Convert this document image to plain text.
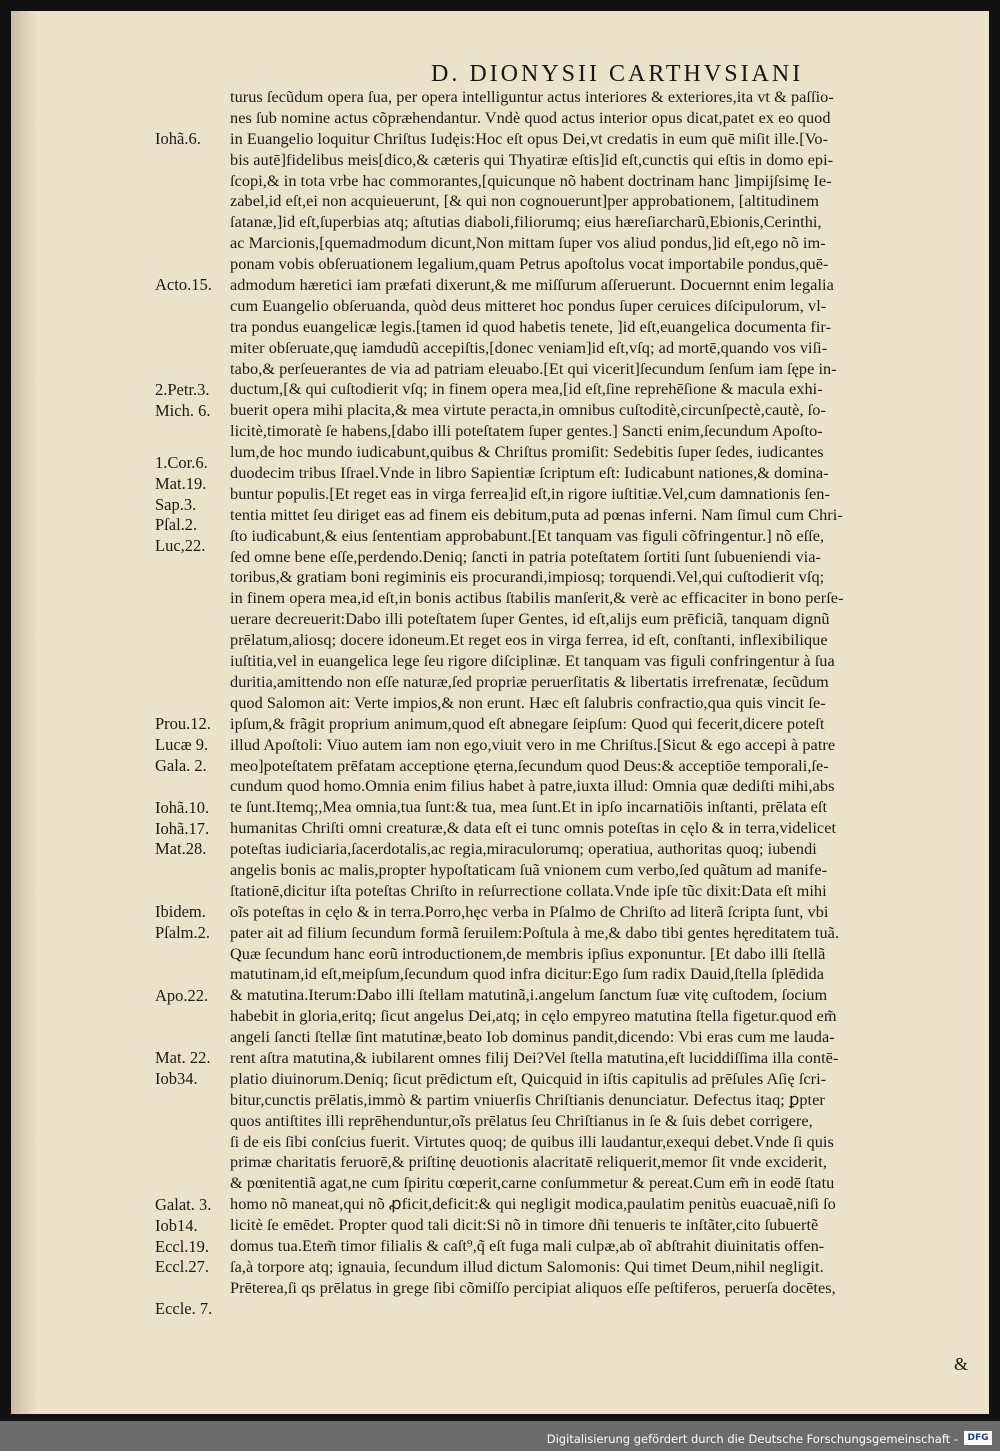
D. DIONYSII CARTHVSIANI
turus ſecũdum opera ſua, per opera intelliguntur actus interiores & exteriores,ita vt & paſſio-
nes ſub nomine actus cõpræhendantur. Vndè quod actus interior opus dicat,patet ex eo quod
in Euangelio loquitur Chriſtus Iudęis:Hoc eſt opus Dei,vt credatis in eum quē miſit ille.[Vo-
bis autē]fidelibus meis[dico,& cæteris qui Thyatiræ eſtis]id eſt,cunctis qui eſtis in domo epi-
ſcopi,& in tota vrbe hac commorantes,[quicunque nõ habent doctrinam hanc ]impijſsimę Ie-
zabel,id eſt,ei non acquieuerunt, [& qui non cognouerunt]per approbationem, [altitudinem
ſatanæ,]id eſt,ſuperbias atq; aſtutias diaboli,filiorumq; eius hæreſiarcharũ,Ebionis,Cerinthi,
ac Marcionis,[quemadmodum dicunt,Non mittam ſuper vos aliud pondus,]id eſt,ego nõ im-
ponam vobis obſeruationem legalium,quam Petrus apoſtolus vocat importabile pondus,quē-
admodum hæretici iam præfati dixerunt,& me miſſurum aſſeruerunt. Docuernnt enim legalia
cum Euangelio obſeruanda, quòd deus mitteret hoc pondus ſuper ceruices diſcipulorum, vl-
tra pondus euangelicæ legis.[tamen id quod habetis tenete, ]id eſt,euangelica documenta fir-
miter obſeruate,quę iamdudũ accepiſtis,[donec veniam]id eſt,vſq; ad mortē,quando vos viſi-
tabo,& perſeuerantes de via ad patriam eleuabo.[Et qui vicerit]ſecundum ſenſum iam ſępe in-
ductum,[& qui cuſtodierit vſq; in finem opera mea,[id eſt,ſine reprehēſione & macula exhi-
buerit opera mihi placita,& mea virtute peracta,in omnibus cuſtoditè,circunſpectè,cautè, ſo-
licitè,timoratè ſe habens,[dabo illi poteſtatem ſuper gentes.] Sancti enim,ſecundum Apoſto-
lum,de hoc mundo iudicabunt,quibus & Chriſtus promiſit: Sedebitis ſuper ſedes, iudicantes
duodecim tribus Iſrael.Vnde in libro Sapientiæ ſcriptum eſt: Iudicabunt nationes,& domina-
buntur populis.[Et reget eas in virga ferrea]id eſt,in rigore iuſtitiæ.Vel,cum damnationis ſen-
tentia mittet ſeu diriget eas ad finem eis debitum,puta ad pœnas inferni. Nam ſimul cum Chri-
ſto iudicabunt,& eius ſententiam approbabunt.[Et tanquam vas figuli cõfringentur.] nõ eſſe,
ſed omne bene eſſe,perdendo.Deniq; ſancti in patria poteſtatem ſortiti ſunt ſubueniendi via-
toribus,& gratiam boni regiminis eis procurandi,impiosq; torquendi.Vel,qui cuſtodierit vſq;
in finem opera mea,id eſt,in bonis actibus ſtabilis manſerit,& verè ac efficaciter in bono perſe-
uerare decreuerit:Dabo illi poteſtatem ſuper Gentes, id eſt,alijs eum prēficiã, tanquam dignũ
prēlatum,aliosq; docere idoneum.Et reget eos in virga ferrea, id eſt, conſtanti, inflexibilique
iuſtitia,vel in euangelica lege ſeu rigore diſciplinæ. Et tanquam vas figuli confringentur à ſua
duritia,amittendo non eſſe naturæ,ſed propriæ peruerſitatis & libertatis irrefrenatæ, ſecũdum
quod Salomon ait: Verte impios,& non erunt. Hæc eſt ſalubris confractio,qua quis vincit ſe-
ipſum,& frãgit proprium animum,quod eſt abnegare ſeipſum: Quod qui fecerit,dicere poteſt
illud Apoſtoli: Viuo autem iam non ego,viuit vero in me Chriſtus.[Sicut & ego accepi à patre
meo]poteſtatem prēfatam acceptione ęterna,ſecundum quod Deus:& acceptiōe temporali,ſe-
cundum quod homo.Omnia enim filius habet à patre,iuxta illud: Omnia quæ dediſti mihi,abs
te ſunt.Itemq;,Mea omnia,tua ſunt:& tua, mea ſunt.Et in ipſo incarnatiōis inſtanti, prēlata eſt
humanitas Chriſti omni creaturæ,& data eſt ei tunc omnis poteſtas in cęlo & in terra,videlicet
poteſtas iudiciaria,ſacerdotalis,ac regia,miraculorumq; operatiua, authoritas quoq; iubendi
angelis bonis ac malis,propter hypoſtaticam ſuã vnionem cum verbo,ſed quãtum ad manife-
ſtationē,dicitur iſta poteſtas Chriſto in reſurrectione collata.Vnde ipſe tũc dixit:Data eſt mihi
oĩs poteſtas in cęlo & in terra.Porro,hęc verba in Pſalmo de Chriſto ad literã ſcripta ſunt, vbi
pater ait ad filium ſecundum formã ſeruilem:Poſtula à me,& dabo tibi gentes hęreditatem tuã.
Quæ ſecundum hanc eorũ introductionem,de membris ipſius exponuntur. [Et dabo illi ſtellã
matutinam,id eſt,meipſum,ſecundum quod infra dicitur:Ego ſum radix Dauid,ſtella ſplēdida
& matutina.Iterum:Dabo illi ſtellam matutinã,i.angelum ſanctum ſuæ vitę cuſtodem, ſocium
habebit in gloria,eritq; ſicut angelus Dei,atq; in cęlo empyreo matutina ſtella figetur.quod em̃
angeli ſancti ſtellæ ſint matutinæ,beato Iob dominus pandit,dicendo: Vbi eras cum me lauda-
rent aſtra matutina,& iubilarent omnes filij Dei?Vel ſtella matutina,eſt luciddiſſima illa contē-
platio diuinorum.Deniq; ſicut prēdictum eſt, Quicquid in iſtis capitulis ad prēſules Aſię ſcri-
bitur,cunctis prēlatis,immò & partim vniuerſis Chriſtianis denunciatur. Defectus itaq; ꝑpter
quos antiſtites illi reprēhenduntur,oĩs prēlatus ſeu Chriſtianus in ſe & ſuis debet corrigere,
ſi de eis ſibi conſcius fuerit. Virtutes quoq; de quibus illi laudantur,exequi debet.Vnde ſi quis
primæ charitatis feruorē,& priſtinę deuotionis alacritatē reliquerit,memor ſit vnde exciderit,
& pœnitentiã agat,ne cum ſpiritu cœperit,carne conſummetur & pereat.Cum em̃ in eodē ſtatu
homo nõ maneat,qui nõ ꝓficit,deficit:& qui negligit modica,paulatim penitùs euacuaẽ,niſi ſo
licitè ſe emēdet. Propter quod tali dicit:Si nõ in timore dñi tenueris te inſtãter,cito ſubuertẽ
domus tua.Etem̃ timor filialis & caſt⁹,q̃ eſt fuga mali culpæ,ab oĩ abſtrahit diuinitatis offen-
ſa,à torpore atq; ignauia, ſecundum illud dictum Salomonis: Qui timet Deum,nihil negligit.
Prēterea,ſi qs prēlatus in grege ſibi cõmiſſo percipiat aliquos eſſe peſtiferos, peruerſa docētes,
Iohã.6.
Acto.15.
2.Petr.3.
Mich. 6.
1.Cor.6.
Mat.19.
Sap.3.
Pſal.2.
Luc,22.
Prou.12.
Lucæ 9.
Gala. 2.
Iohã.10.
Iohã.17.
Mat.28.
Ibidem.
Pſalm.2.
Apo.22.
Mat. 22.
Iob34.
Galat. 3.
Iob14.
Eccl.19.
Eccl.27.
Eccle. 7.
&
Digitalisierung gefördert durch die Deutsche Forschungsgemeinschaft -	DFG
